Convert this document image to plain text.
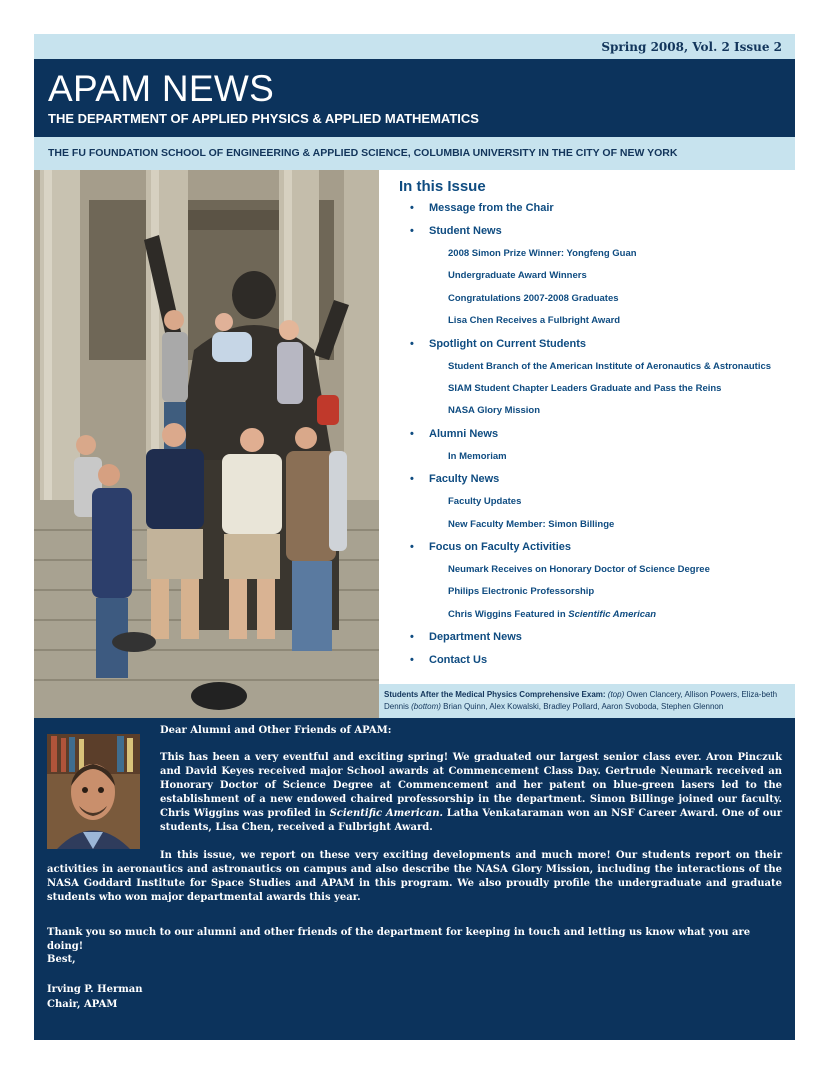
Spring 2008, Vol. 2 Issue 2
APAM NEWS
THE DEPARTMENT OF APPLIED PHYSICS & APPLIED MATHEMATICS
THE FU FOUNDATION SCHOOL OF ENGINEERING & APPLIED SCIENCE, COLUMBIA UNIVERSITY IN THE CITY OF NEW YORK
In this Issue
• Message from the Chair
• Student News
2008 Simon Prize Winner: Yongfeng Guan
Undergraduate Award Winners
Congratulations 2007-2008 Graduates
Lisa Chen Receives a Fulbright Award
• Spotlight on Current Students
Student Branch of the American Institute of Aeronautics & Astronautics
SIAM Student Chapter Leaders Graduate and Pass the Reins
NASA Glory Mission
• Alumni News
In Memoriam
• Faculty News
Faculty Updates
New Faculty Member: Simon Billinge
• Focus on Faculty Activities
Neumark Receives on Honorary Doctor of Science Degree
Philips Electronic Professorship
Chris Wiggins Featured in Scientific American
• Department News
• Contact Us
Students After the Medical Physics Comprehensive Exam: (top) Owen Clancery, Allison Powers, Eliza-beth Dennis (bottom) Brian Quinn, Alex Kowalski, Bradley Pollard, Aaron Svoboda, Stephen Glennon
Dear Alumni and Other Friends of APAM:
This has been a very eventful and exciting spring! We graduated our largest senior class ever. Aron Pinczuk and David Keyes received major School awards at Commencement Class Day. Gertrude Neumark received an Honorary Doctor of Science Degree at Commencement and her patent on blue-green lasers led to the establishment of a new endowed chaired professorship in the department. Simon Billinge joined our faculty. Chris Wiggins was profiled in Scientific American. Latha Venkataraman won an NSF Career Award. One of our students, Lisa Chen, received a Fulbright Award.
In this issue, we report on these very exciting developments and much more! Our students report on their activities in aeronautics and astronautics on campus and also describe the NASA Glory Mission, including the interactions of the NASA Goddard Institute for Space Studies and APAM in this program. We also proudly profile the undergraduate and graduate students who won major departmental awards this year.
Thank you so much to our alumni and other friends of the department for keeping in touch and letting us know what you are doing!
Best,
Irving P. Herman
Chair, APAM
